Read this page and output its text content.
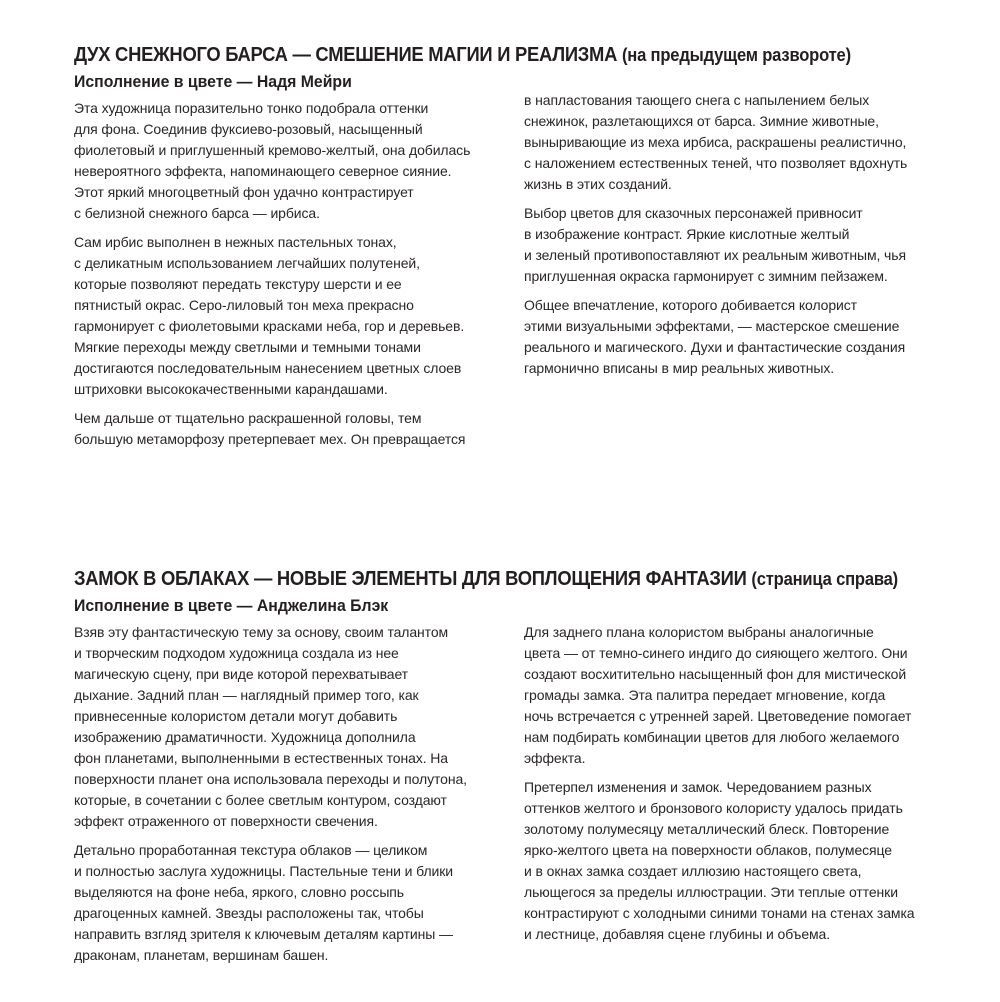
ДУХ СНЕЖНОГО БАРСА — СМЕШЕНИЕ МАГИИ И РЕАЛИЗМА (на предыдущем развороте)
Исполнение в цвете — Надя Мейри

Эта художница поразительно тонко подобрала оттенки
для фона. Соединив фуксиево-розовый, насыщенный
фиолетовый и приглушенный кремово-желтый, она добилась
невероятного эффекта, напоминающего северное сияние.
Этот яркий многоцветный фон удачно контрастирует
с белизной снежного барса — ирбиса.

Сам ирбис выполнен в нежных пастельных тонах,
с деликатным использованием легчайших полутеней,
которые позволяют передать текстуру шерсти и ее
пятнистый окрас. Серо-лиловый тон меха прекрасно
гармонирует с фиолетовыми красками неба, гор и деревьев.
Мягкие переходы между светлыми и темными тонами
достигаются последовательным нанесением цветных слоев
штриховки высококачественными карандашами.

Чем дальше от тщательно раскрашенной головы, тем
большую метаморфозу претерпевает мех. Он превращается

в напластования тающего снега с напылением белых
снежинок, разлетающихся от барса. Зимние животные,
выныривающие из меха ирбиса, раскрашены реалистично,
с наложением естественных теней, что позволяет вдохнуть
жизнь в этих созданий.

Выбор цветов для сказочных персонажей привносит
в изображение контраст. Яркие кислотные желтый
и зеленый противопоставляют их реальным животным, чья
приглушенная окраска гармонирует с зимним пейзажем.

Общее впечатление, которого добивается колорист
этими визуальными эффектами, — мастерское смешение
реального и магического. Духи и фантастические создания
гармонично вписаны в мир реальных животных.

ЗАМОК В ОБЛАКАХ — НОВЫЕ ЭЛЕМЕНТЫ ДЛЯ ВОПЛОЩЕНИЯ ФАНТАЗИИ (страница справа)
Исполнение в цвете — Анджелина Блэк

Взяв эту фантастическую тему за основу, своим талантом
и творческим подходом художница создала из нее
магическую сцену, при виде которой перехватывает
дыхание. Задний план — наглядный пример того, как
привнесенные колористом детали могут добавить
изображению драматичности. Художница дополнила
фон планетами, выполненными в естественных тонах. На
поверхности планет она использовала переходы и полутона,
которые, в сочетании с более светлым контуром, создают
эффект отраженного от поверхности свечения.

Детально проработанная текстура облаков — целиком
и полностью заслуга художницы. Пастельные тени и блики
выделяются на фоне неба, яркого, словно россыпь
драгоценных камней. Звезды расположены так, чтобы
направить взгляд зрителя к ключевым деталям картины —
драконам, планетам, вершинам башен.

Для заднего плана колористом выбраны аналогичные
цвета — от темно-синего индиго до сияющего желтого. Они
создают восхитительно насыщенный фон для мистической
громады замка. Эта палитра передает мгновение, когда
ночь встречается с утренней зарей. Цветоведение помогает
нам подбирать комбинации цветов для любого желаемого
эффекта.

Претерпел изменения и замок. Чередованием разных
оттенков желтого и бронзового колористу удалось придать
золотому полумесяцу металлический блеск. Повторение
ярко-желтого цвета на поверхности облаков, полумесяце
и в окнах замка создает иллюзию настоящего света,
льющегося за пределы иллюстрации. Эти теплые оттенки
контрастируют с холодными синими тонами на стенах замка
и лестнице, добавляя сцене глубины и объема.
